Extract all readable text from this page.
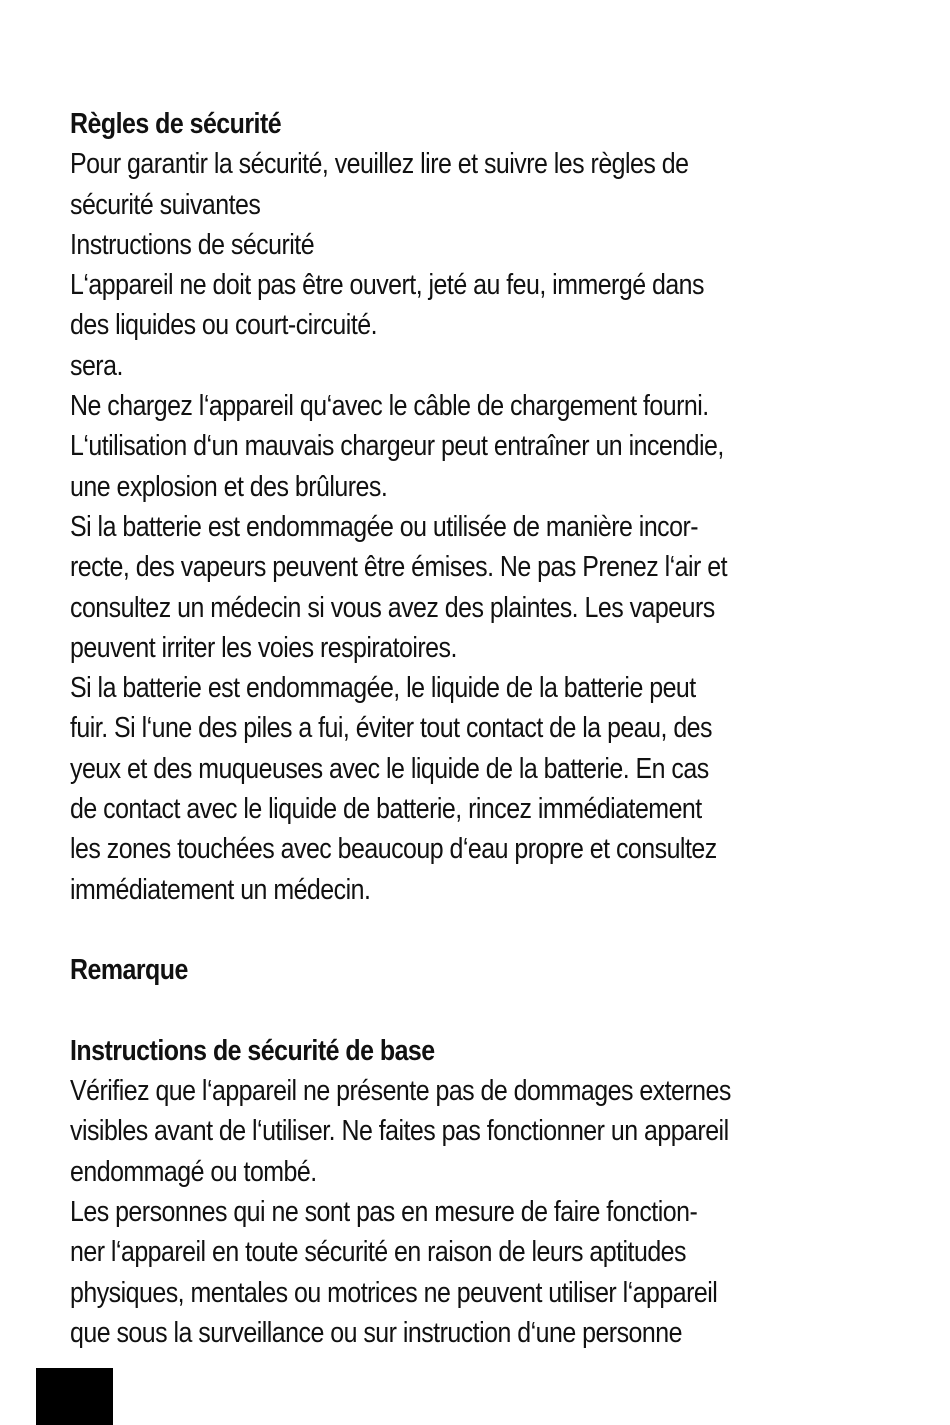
Règles de sécurité
Pour garantir la sécurité, veuillez lire et suivre les règles de
sécurité suivantes
Instructions de sécurité
L‘appareil ne doit pas être ouvert, jeté au feu, immergé dans
des liquides ou court-circuité.
sera.
Ne chargez l‘appareil qu‘avec le câble de chargement fourni.
L‘utilisation d‘un mauvais chargeur peut entraîner un incendie,
une explosion et des brûlures.
Si la batterie est endommagée ou utilisée de manière incor-
recte, des vapeurs peuvent être émises. Ne pas Prenez l‘air et
consultez un médecin si vous avez des plaintes. Les vapeurs
peuvent irriter les voies respiratoires.
Si la batterie est endommagée, le liquide de la batterie peut
fuir. Si l‘une des piles a fui, éviter tout contact de la peau, des
yeux et des muqueuses avec le liquide de la batterie. En cas
de contact avec le liquide de batterie, rincez immédiatement
les zones touchées avec beaucoup d‘eau propre et consultez
immédiatement un médecin.
Remarque
Instructions de sécurité de base
Vérifiez que l‘appareil ne présente pas de dommages externes
visibles avant de l‘utiliser. Ne faites pas fonctionner un appareil
endommagé ou tombé.
Les personnes qui ne sont pas en mesure de faire fonction-
ner l‘appareil en toute sécurité en raison de leurs aptitudes
physiques, mentales ou motrices ne peuvent utiliser l‘appareil
que sous la surveillance ou sur instruction d‘une personne
